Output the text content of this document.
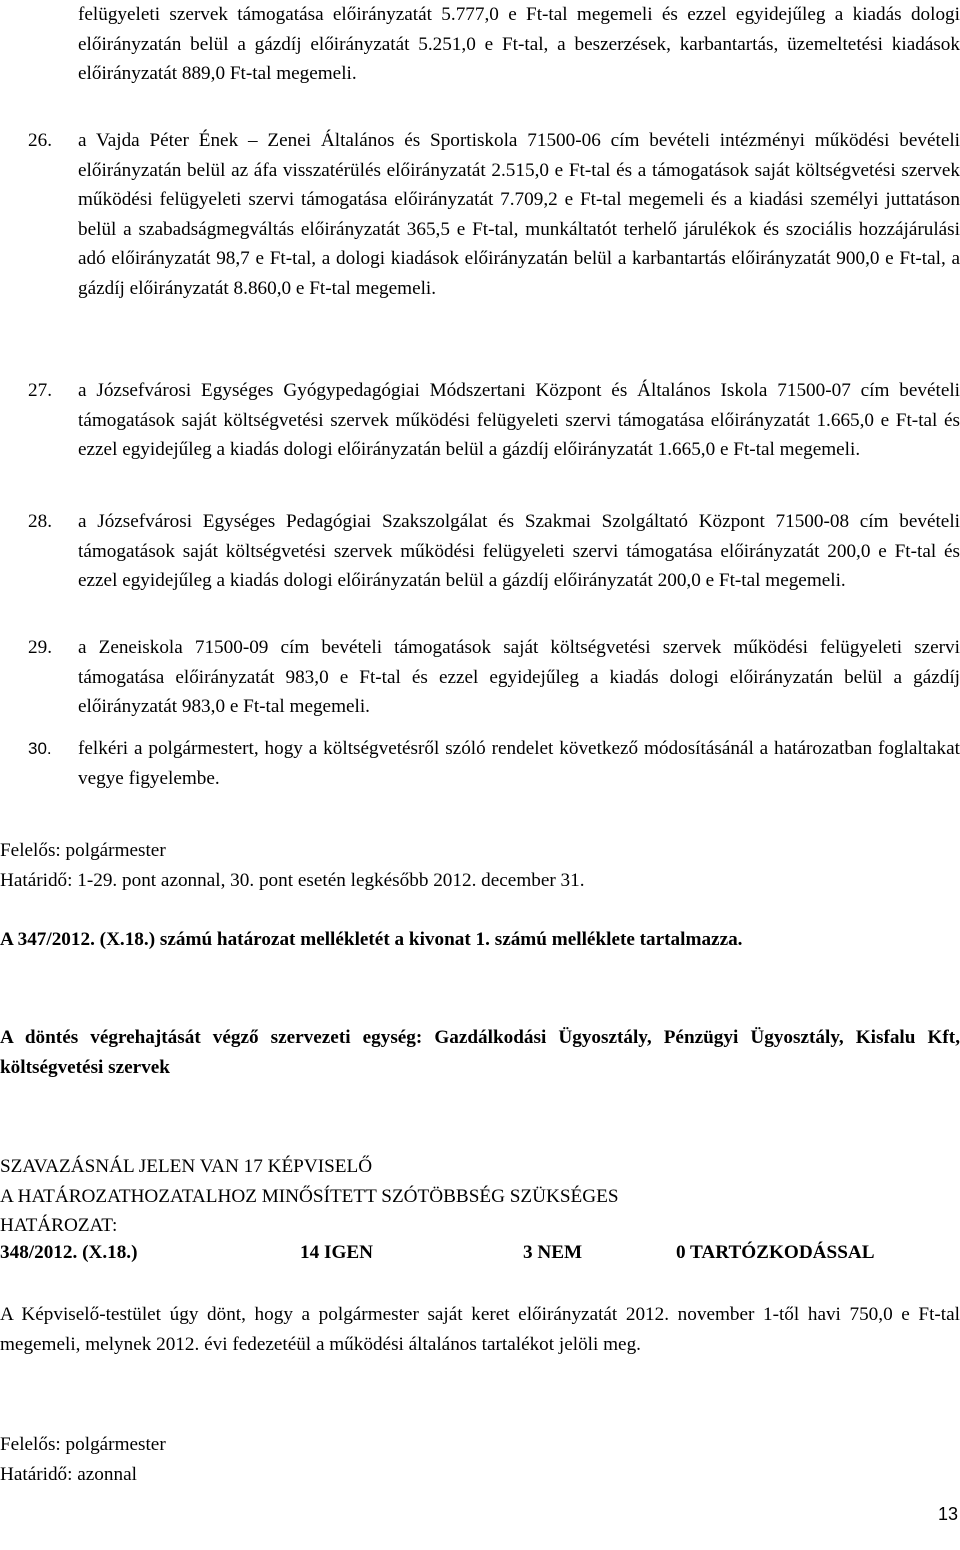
felügyeleti szervek támogatása előirányzatát 5.777,0 e Ft-tal megemeli és ezzel egyidejűleg a kiadás dologi előirányzatán belül a gázdíj előirányzatát 5.251,0 e Ft-tal, a beszerzések, karbantartás, üzemeltetési kiadások előirányzatát 889,0 Ft-tal megemeli.

26. a Vajda Péter Ének – Zenei Általános és Sportiskola 71500-06 cím bevételi intézményi működési bevételi előirányzatán belül az áfa visszatérülés előirányzatát 2.515,0 e Ft-tal és a támogatások saját költségvetési szervek működési felügyeleti szervi támogatása előirányzatát 7.709,2 e Ft-tal megemeli és a kiadási személyi juttatáson belül a szabadságmegváltás előirányzatát 365,5 e Ft-tal, munkáltatót terhelő járulékok és szociális hozzájárulási adó előirányzatát 98,7 e Ft-tal, a dologi kiadások előirányzatán belül a karbantartás előirányzatát 900,0 e Ft-tal, a gázdíj előirányzatát 8.860,0 e Ft-tal megemeli.

27. a Józsefvárosi Egységes Gyógypedagógiai Módszertani Központ és Általános Iskola 71500-07 cím bevételi támogatások saját költségvetési szervek működési felügyeleti szervi támogatása előirányzatát 1.665,0 e Ft-tal és ezzel egyidejűleg a kiadás dologi előirányzatán belül a gázdíj előirányzatát 1.665,0 e Ft-tal megemeli.

28. a Józsefvárosi Egységes Pedagógiai Szakszolgálat és Szakmai Szolgáltató Központ 71500-08 cím bevételi támogatások saját költségvetési szervek működési felügyeleti szervi támogatása előirányzatát 200,0 e Ft-tal és ezzel egyidejűleg a kiadás dologi előirányzatán belül a gázdíj előirányzatát 200,0 e Ft-tal megemeli.

29. a Zeneiskola 71500-09 cím bevételi támogatások saját költségvetési szervek működési felügyeleti szervi támogatása előirányzatát 983,0 e Ft-tal és ezzel egyidejűleg a kiadás dologi előirányzatán belül a gázdíj előirányzatát 983,0 e Ft-tal megemeli.

30. felkéri a polgármestert, hogy a költségvetésről szóló rendelet következő módosításánál a határozatban foglaltakat vegye figyelembe.

Felelős: polgármester
Határidő: 1-29. pont azonnal, 30. pont esetén legkésőbb 2012. december 31.

A 347/2012. (X.18.) számú határozat mellékletét a kivonat 1. számú melléklete tartalmazza.

A döntés végrehajtását végző szervezeti egység: Gazdálkodási Ügyosztály, Pénzügyi Ügyosztály, Kisfalu Kft, költségvetési szervek

SZAVAZÁSNÁL JELEN VAN 17 KÉPVISELŐ
A HATÁROZATHOZATALHOZ MINŐSÍTETT SZÓTÖBBSÉG SZÜKSÉGES
HATÁROZAT:
348/2012. (X.18.)	14 IGEN	3 NEM	0 TARTÓZKODÁSSAL

A Képviselő-testület úgy dönt, hogy a polgármester saját keret előirányzatát 2012. november 1-től havi 750,0 e Ft-tal megemeli, melynek 2012. évi fedezetéül a működési általános tartalékot jelöli meg.

Felelős: polgármester
Határidő: azonnal
13
